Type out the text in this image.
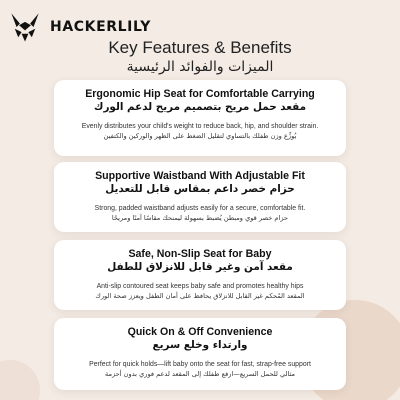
HACKERLILY
Key Features & Benefits
الميزات والفوائد الرئيسية
Ergonomic Hip Seat for Comfortable Carrying
مقعد حمل مريح بتصميم مريح لدعم الورك
Evenly distributes your child's weight to reduce back, hip, and shoulder strain.
يُوزِّع وزن طفلك بالتساوي لتقليل الضغط على الظهر والوركين والكتفين
Supportive Waistband With Adjustable Fit
حزام خصر داعم بمقاس قابل للتعديل
Strong, padded waistband adjusts easily for a secure, comfortable fit.
حزام خصر قوي ومبطن يُضبط بسهولة ليمنحك مقاسًا آمنًا ومريحًا
Safe, Non-Slip Seat for Baby
مقعد آمن وغير قابل للانزلاق للطفل
Anti-slip contoured seat keeps baby safe and promotes healthy hips
المقعد المُحكم غير القابل للانزلاق يحافظ على أمان الطفل ويعزز صحة الورك
Quick On & Off Convenience
وارتداء وخلع سريع
Perfect for quick holds—lift baby onto the seat for fast, strap-free support
مثالي للحمل السريع—ارفع طفلك إلى المقعد لدعم فوري بدون أحزمة
